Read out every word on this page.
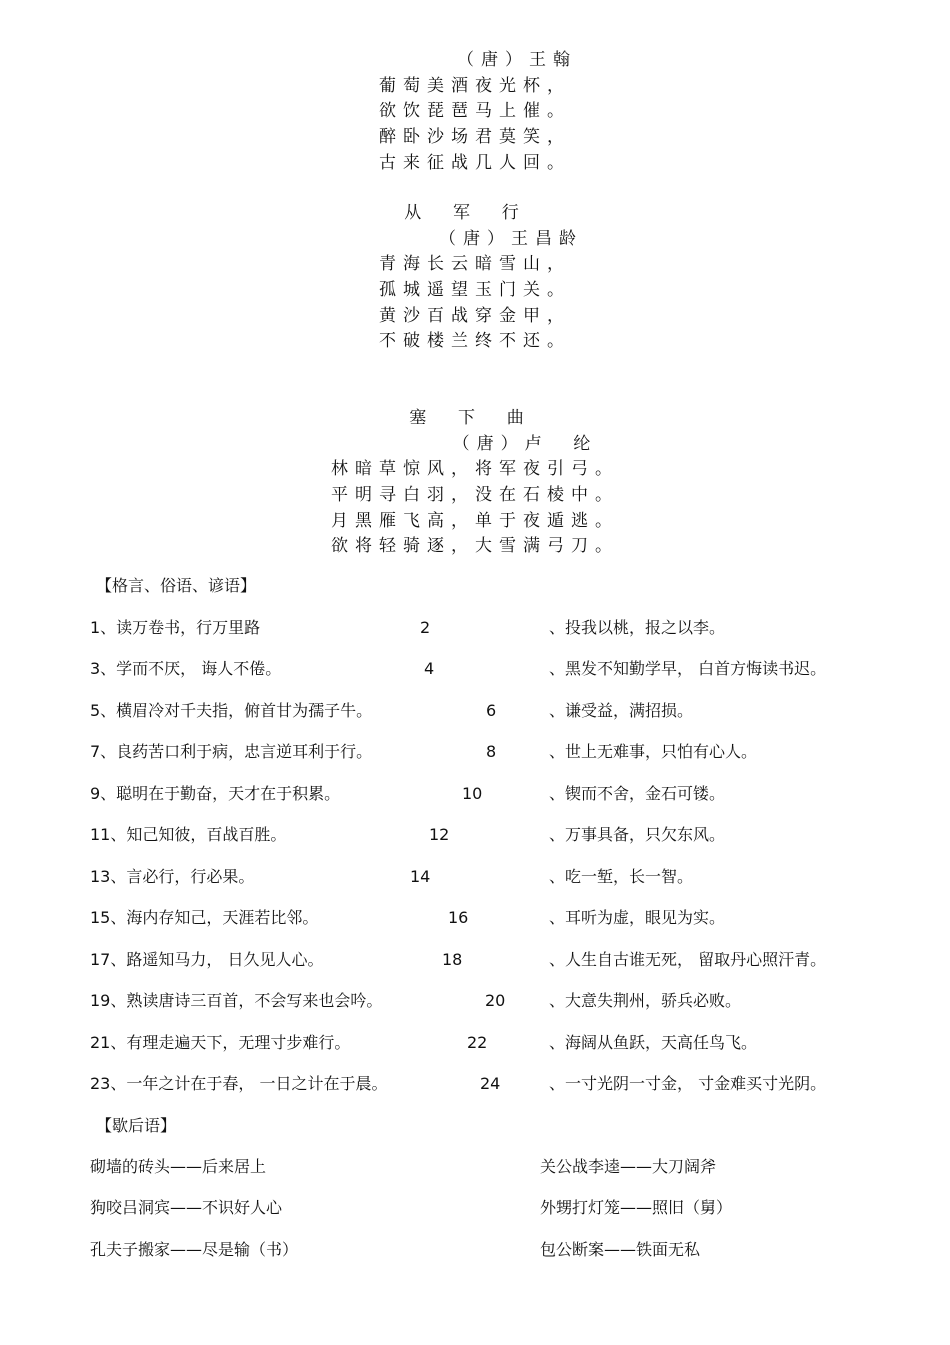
（唐）王翰
葡萄美酒夜光杯，
欲饮琵琶马上催。
醉卧沙场君莫笑，
古来征战几人回。
从  军  行
（唐）王昌龄
青海长云暗雪山，
孤城遥望玉门关。
黄沙百战穿金甲，
不破楼兰终不还。
塞  下  曲
（唐）卢  纶
林暗草惊风，将军夜引弓。
平明寻白羽，没在石棱中。
月黑雁飞高，单于夜遁逃。
欲将轻骑逐，大雪满弓刀。
【格言、俗语、谚语】
1、读万卷书，行万里路	2	、投我以桃，报之以李。
3、学而不厌， 诲人不倦。	4	、黑发不知勤学早， 白首方悔读书迟。
5、横眉冷对千夫指，俯首甘为孺子牛。	6	、谦受益，满招损。
7、良药苦口利于病，忠言逆耳利于行。	8	、世上无难事，只怕有心人。
9、聪明在于勤奋，天才在于积累。	10	、锲而不舍，金石可镂。
11、知己知彼，百战百胜。	12	、万事具备，只欠东风。
13、言必行，行必果。	14	、吃一堑，长一智。
15、海内存知己，天涯若比邻。	16	、耳听为虚，眼见为实。
17、路遥知马力， 日久见人心。	18	、人生自古谁无死， 留取丹心照汗青。
19、熟读唐诗三百首，不会写来也会吟。	20	、大意失荆州，骄兵必败。
21、有理走遍天下，无理寸步难行。	22	、海阔从鱼跃，天高任鸟飞。
23、一年之计在于春， 一日之计在于晨。	24	、一寸光阴一寸金， 寸金难买寸光阴。
【歇后语】
砌墙的砖头——后来居上	关公战李逵——大刀阔斧
狗咬吕洞宾——不识好人心	外甥打灯笼——照旧（舅）
孔夫子搬家——尽是输（书）	包公断案——铁面无私
